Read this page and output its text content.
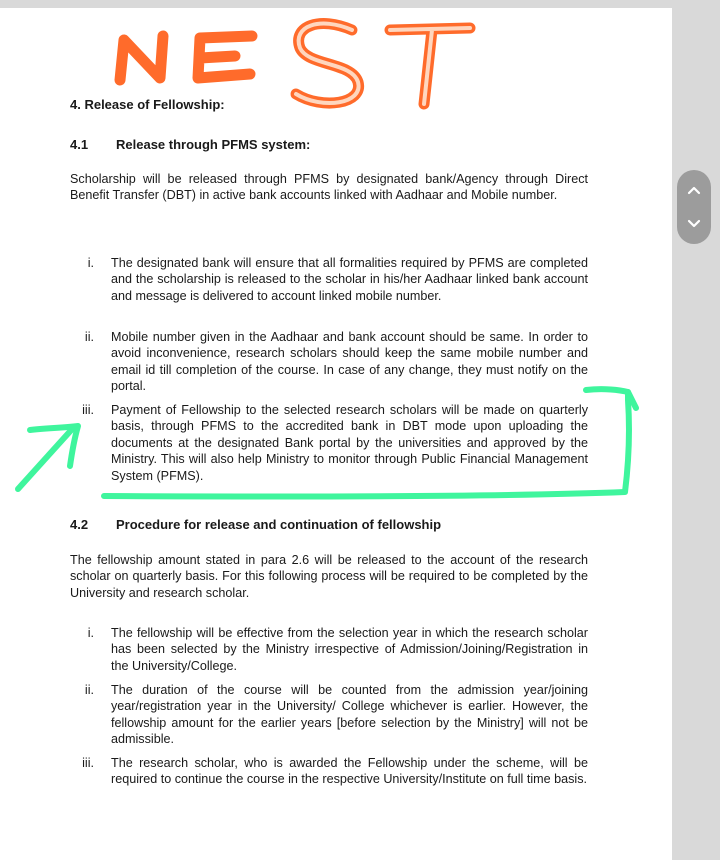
4. Release of Fellowship:
4.1 Release through PFMS system:
Scholarship will be released through PFMS by designated bank/Agency through Direct Benefit Transfer (DBT) in active bank accounts linked with Aadhaar and Mobile number.
i.	The designated bank will ensure that all formalities required by PFMS are completed and the scholarship is released to the scholar in his/her Aadhaar linked bank account and message is delivered to account linked mobile number.
ii.	Mobile number given in the Aadhaar and bank account should be same. In order to avoid inconvenience, research scholars should keep the same mobile number and email id till completion of the course. In case of any change, they must notify on the portal.
iii.	Payment of Fellowship to the selected research scholars will be made on quarterly basis, through PFMS to the accredited bank in DBT mode upon uploading the documents at the designated Bank portal by the universities and approved by the Ministry. This will also help Ministry to monitor through Public Financial Management System (PFMS).
4.2 Procedure for release and continuation of fellowship
The fellowship amount stated in para 2.6 will be released to the account of the research scholar on quarterly basis. For this following process will be required to be completed by the University and research scholar.
i.	The fellowship will be effective from the selection year in which the research scholar has been selected by the Ministry irrespective of Admission/Joining/Registration in the University/College.
ii.	The duration of the course will be counted from the admission year/joining year/registration year in the University/ College whichever is earlier. However, the fellowship amount for the earlier years [before selection by the Ministry] will not be admissible.
iii.	The research scholar, who is awarded the Fellowship under the scheme, will be required to continue the course in the respective University/Institute on full time basis.
